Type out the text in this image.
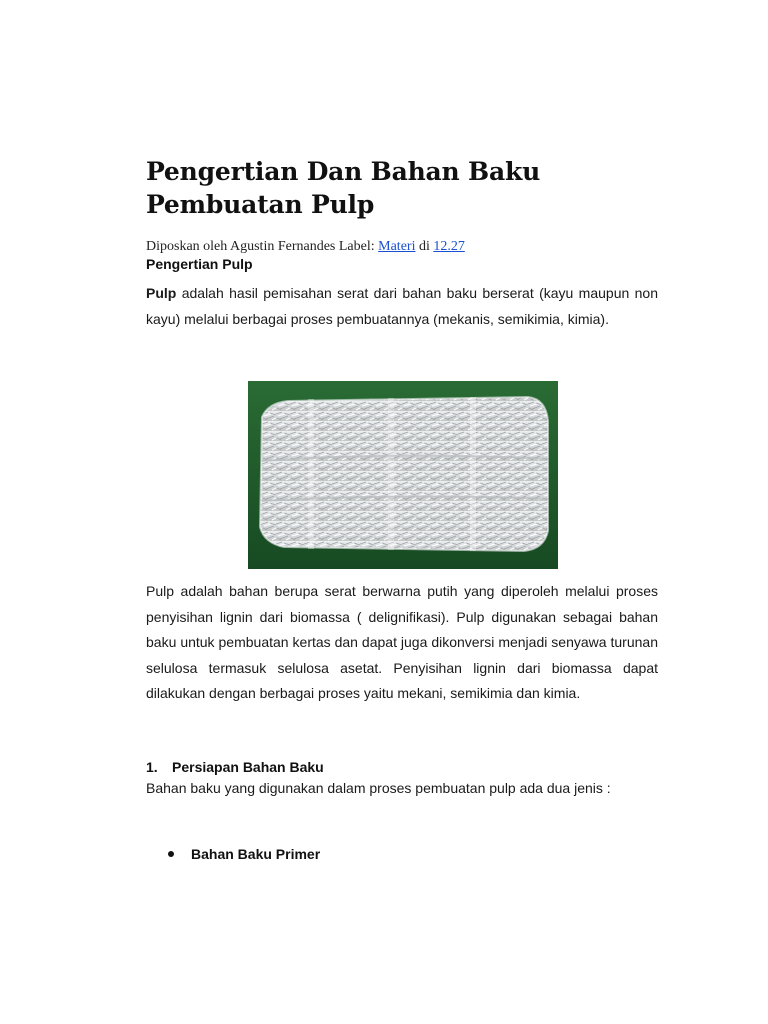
Pengertian Dan Bahan Baku
Pembuatan Pulp
Diposkan oleh Agustin Fernandes Label: Materi di 12.27
Pengertian Pulp

Pulp adalah hasil pemisahan serat dari bahan baku berserat (kayu maupun non kayu) melalui berbagai proses pembuatannya (mekanis, semikimia, kimia).

Pulp adalah bahan berupa serat berwarna putih yang diperoleh melalui proses penyisihan lignin dari biomassa ( delignifikasi). Pulp digunakan sebagai bahan baku untuk pembuatan kertas dan dapat juga dikonversi menjadi senyawa turunan selulosa termasuk selulosa asetat. Penyisihan lignin dari biomassa dapat dilakukan dengan berbagai proses yaitu mekani, semikimia dan kimia.

1. Persiapan Bahan Baku

Bahan baku yang digunakan dalam proses pembuatan pulp ada dua jenis :

Bahan Baku Primer
